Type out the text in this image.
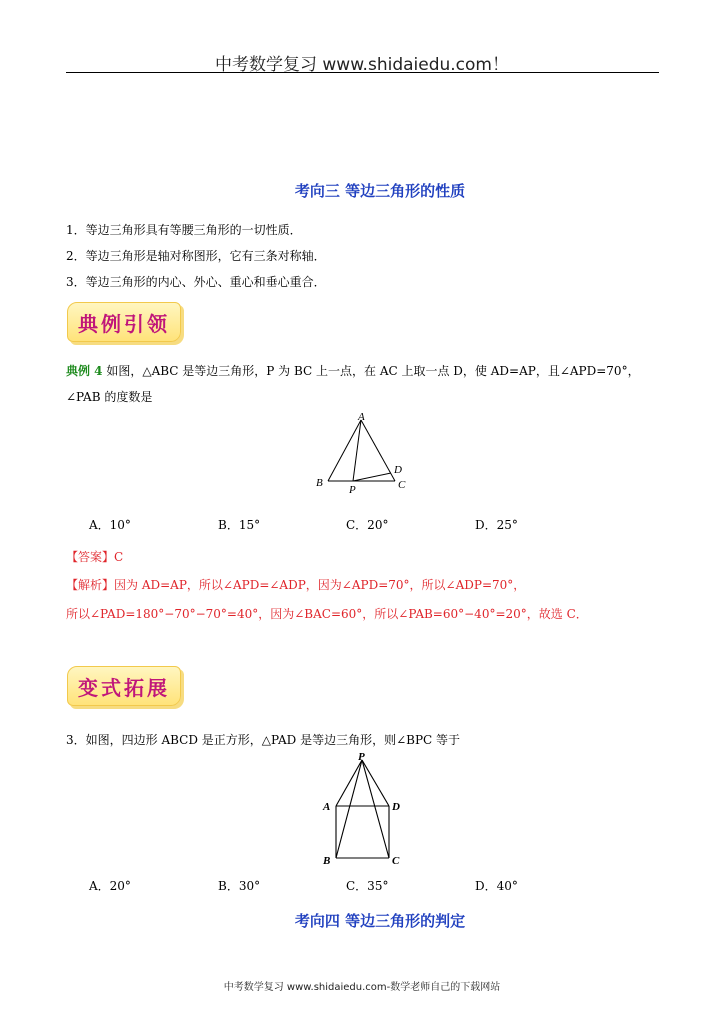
中考数学复习 www.shidaiedu.com！
考向三 等边三角形的性质
1．等边三角形具有等腰三角形的一切性质．
2．等边三角形是轴对称图形，它有三条对称轴．
3．等边三角形的内心、外心、重心和垂心重合．
典例引领
典例 4 如图，△ABC 是等边三角形，P 为 BC 上一点，在 AC 上取一点 D，使 AD=AP，且∠APD=70°，
∠PAB 的度数是
A
B	C
D
P
A．10°	B．15°	C．20°	D．25°
【答案】C
【解析】因为 AD=AP，所以∠APD=∠ADP，因为∠APD=70°，所以∠ADP=70°，
所以∠PAD=180°−70°−70°=40°，因为∠BAC=60°，所以∠PAB=60°−40°=20°，故选 C．
变式拓展
3．如图，四边形 ABCD 是正方形，△PAD 是等边三角形，则∠BPC 等于
P
A	D
B	C
A．20°	B．30°	C．35°	D．40°
考向四 等边三角形的判定
中考数学复习 www.shidaiedu.com-数学老师自己的下载网站
